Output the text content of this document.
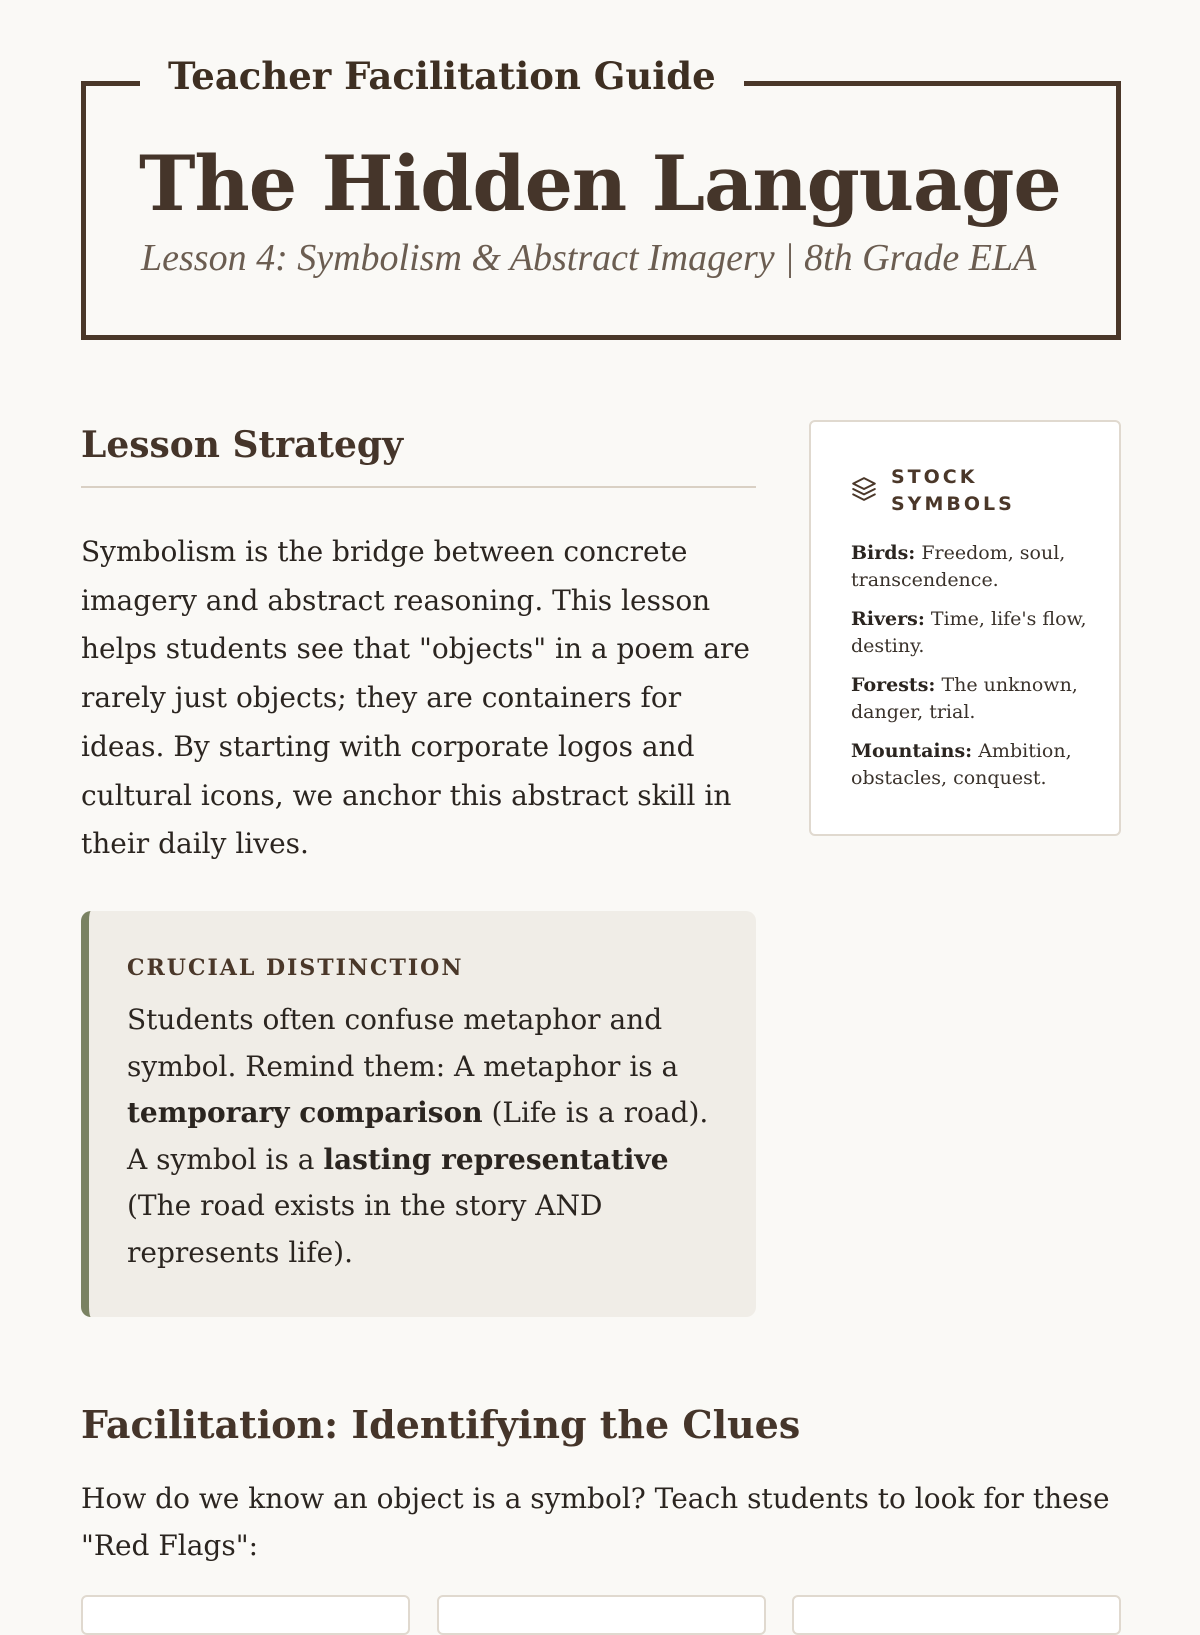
Teacher Facilitation Guide
The Hidden Language
Lesson 4: Symbolism & Abstract Imagery | 8th Grade ELA
Lesson Strategy

Symbolism is the bridge between concrete imagery and abstract reasoning. This lesson helps students see that "objects" in a poem are rarely just objects; they are containers for ideas. By starting with corporate logos and cultural icons, we anchor this abstract skill in their daily lives.

CRUCIAL DISTINCTION

Students often confuse metaphor and symbol. Remind them: A metaphor is a temporary comparison (Life is a road). A symbol is a lasting representative (The road exists in the story AND represents life).

STOCK SYMBOLS
Birds: Freedom, soul, transcendence.
Rivers: Time, life's flow, destiny.
Forests: The unknown, danger, trial.
Mountains: Ambition, obstacles, conquest.
Facilitation: Identifying the Clues

How do we know an object is a symbol? Teach students to look for these "Red Flags":
